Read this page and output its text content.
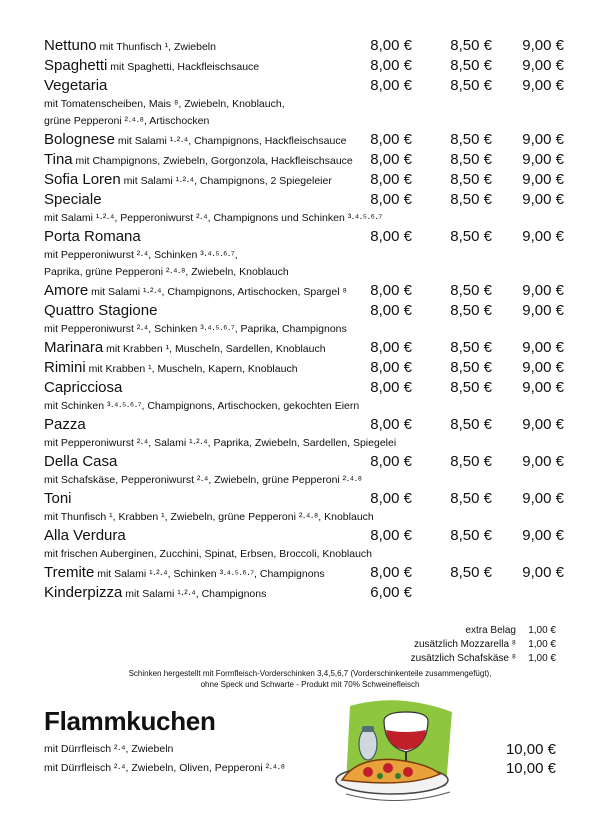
Nettuno mit Thunfisch ¹, Zwiebeln	8,00 €	8,50 €	9,00 €
Spaghetti mit Spaghetti, Hackfleischsauce	8,00 €	8,50 €	9,00 €
Vegetaria	8,00 €	8,50 €	9,00 €
mit Tomatenscheiben, Mais ⁸, Zwiebeln, Knoblauch,
grüne Pepperoni ²·⁴·⁸, Artischocken
Bolognese mit Salami ¹·²·⁴, Champignons, Hackfleischsauce	8,00 €	8,50 €	9,00 €
Tina mit Champignons, Zwiebeln, Gorgonzola, Hackfleischsauce	8,00 €	8,50 €	9,00 €
Sofia Loren mit Salami ¹·²·⁴, Champignons, 2 Spiegeleier	8,00 €	8,50 €	9,00 €
Speciale	8,00 €	8,50 €	9,00 €
mit Salami ¹·²·⁴, Pepperoniwurst ²·⁴, Champignons und Schinken ³·⁴·⁵·⁶·⁷
Porta Romana	8,00 €	8,50 €	9,00 €
mit Pepperoniwurst ²·⁴, Schinken ³·⁴·⁵·⁶·⁷,
Paprika, grüne Pepperoni ²·⁴·⁸, Zwiebeln, Knoblauch
Amore mit Salami ¹·²·⁴, Champignons, Artischocken, Spargel ⁸	8,00 €	8,50 €	9,00 €
Quattro Stagione	8,00 €	8,50 €	9,00 €
mit Pepperoniwurst ²·⁴, Schinken ³·⁴·⁵·⁶·⁷, Paprika, Champignons
Marinara mit Krabben ¹, Muscheln, Sardellen, Knoblauch	8,00 €	8,50 €	9,00 €
Rimini mit Krabben ¹, Muscheln, Kapern, Knoblauch	8,00 €	8,50 €	9,00 €
Capricciosa	8,00 €	8,50 €	9,00 €
mit Schinken ³·⁴·⁵·⁶·⁷, Champignons, Artischocken, gekochten Eiern
Pazza	8,00 €	8,50 €	9,00 €
mit Pepperoniwurst ²·⁴, Salami ¹·²·⁴, Paprika, Zwiebeln, Sardellen, Spiegelei
Della Casa	8,00 €	8,50 €	9,00 €
mit Schafskäse, Pepperoniwurst ²·⁴, Zwiebeln, grüne Pepperoni ²·⁴·⁸
Toni	8,00 €	8,50 €	9,00 €
mit Thunfisch ¹, Krabben ¹, Zwiebeln, grüne Pepperoni ²·⁴·⁸, Knoblauch
Alla Verdura	8,00 €	8,50 €	9,00 €
mit frischen Auberginen, Zucchini, Spinat, Erbsen, Broccoli, Knoblauch
Tremite mit Salami ¹·²·⁴, Schinken ³·⁴·⁵·⁶·⁷, Champignons	8,00 €	8,50 €	9,00 €
Kinderpizza mit Salami ¹·²·⁴, Champignons	6,00 €
extra Belag 1,00 €
zusätzlich Mozzarella ⁸ 1,00 €
zusätzlich Schafskäse ⁸ 1,00 €
Schinken hergestellt mit Formfleisch-Vorderschinken 3,4,5,6,7 (Vorderschinkenteile zusammengefügt),
ohne Speck und Schwarte - Produkt mit 70% Schweinefleisch
Flammkuchen
mit Dürrfleisch ²·⁴, Zwiebeln	10,00 €
mit Dürrfleisch ²·⁴, Zwiebeln, Oliven, Pepperoni ²·⁴·⁸	10,00 €
